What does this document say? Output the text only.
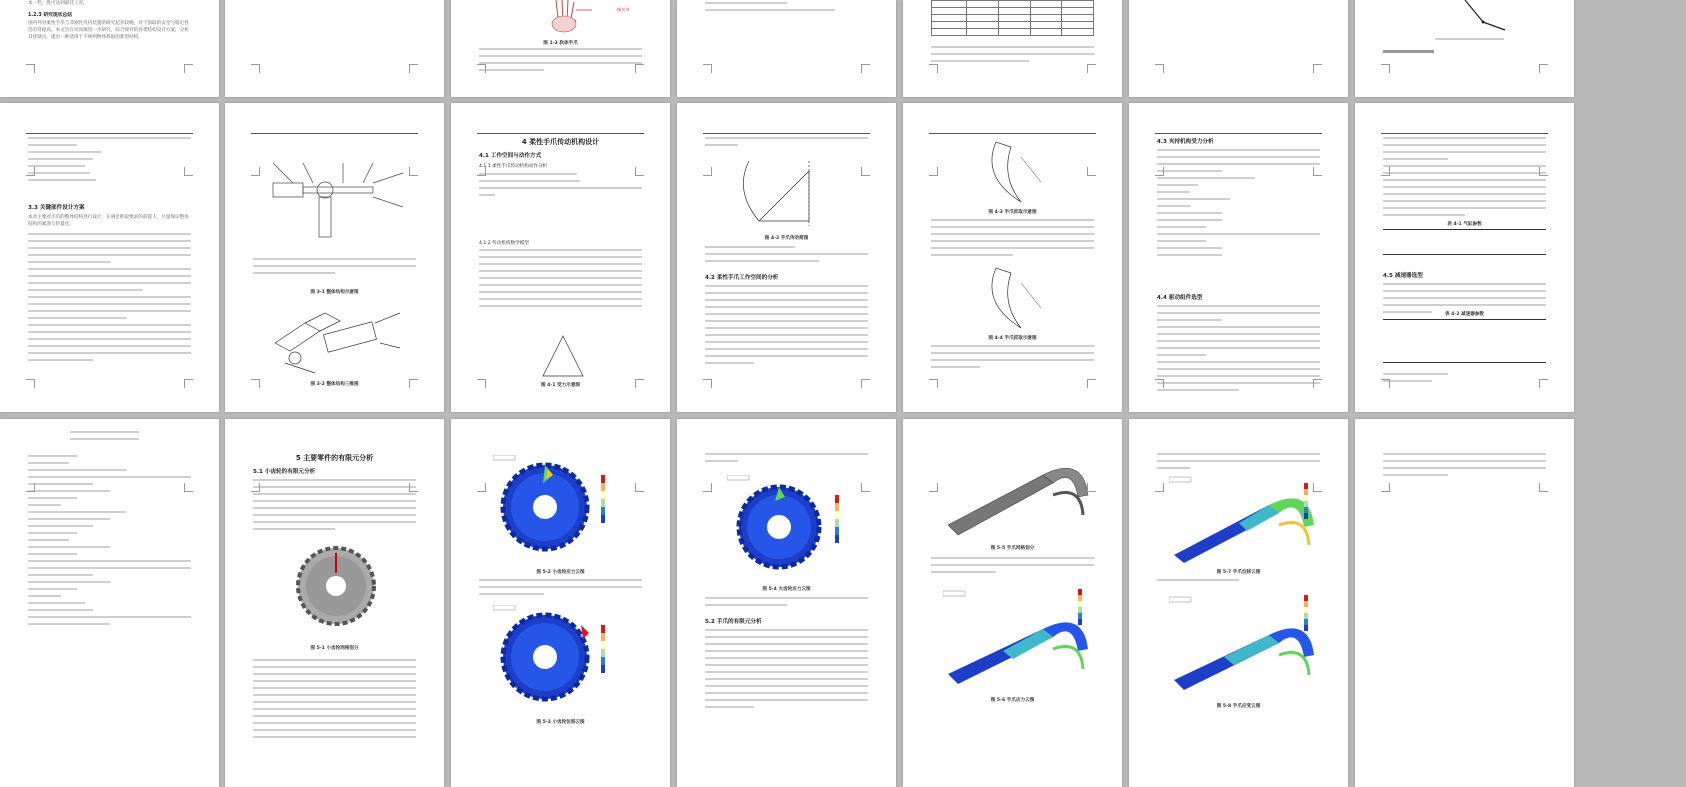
本一些，胜可达到最佳工况。
1.2.3 研究现状总结
国内外对柔性手爪与非刚性夹持装置的研究起步较晚，对于抓取的安全与稳定性仍有待提高，本文旨在对其做进一步研究，综合现有的各类结构设计方案，分析其优缺点，提出一种适用于不规则物体抓取的新型结构。
指关节
图 1-3 软体手爪

3.3 关键部件设计方案
本章主要对手爪的整体结构进行设计，在满足抓取要求的前提下，尽量保证整体结构的紧凑与轻量化。
图 3-1 整体结构示意图
图 3-2 整体结构三维图
4 柔性手爪传动机构设计
4.1 工作空间与动作方式
4.1.1 柔性手爪传动机构动作分析
4.1.2 传动机构数学模型
图 4-1 受力示意图
图 4-2 手爪传动简图
4.2 柔性手爪工作空间的分析
图 4-3 手爪抓取示意图
图 4-4 手爪抓取示意图
4.3 夹持机构受力分析
4.4 驱动组件选型
表 4-1 气缸参数

4.5 减速器选型
表 4-2 减速器参数

5 主要零件的有限元分析
5.1 小齿轮的有限元分析
图 5-1 小齿轮网格划分
图 5-2 小齿轮应力云图
图 5-3 小齿轮位移云图
图 5-4 大齿轮应力云图
5.2 手爪的有限元分析
图 5-5 手爪网格划分
图 5-6 手爪应力云图
图 5-7 手爪位移云图
图 5-8 手爪应变云图
